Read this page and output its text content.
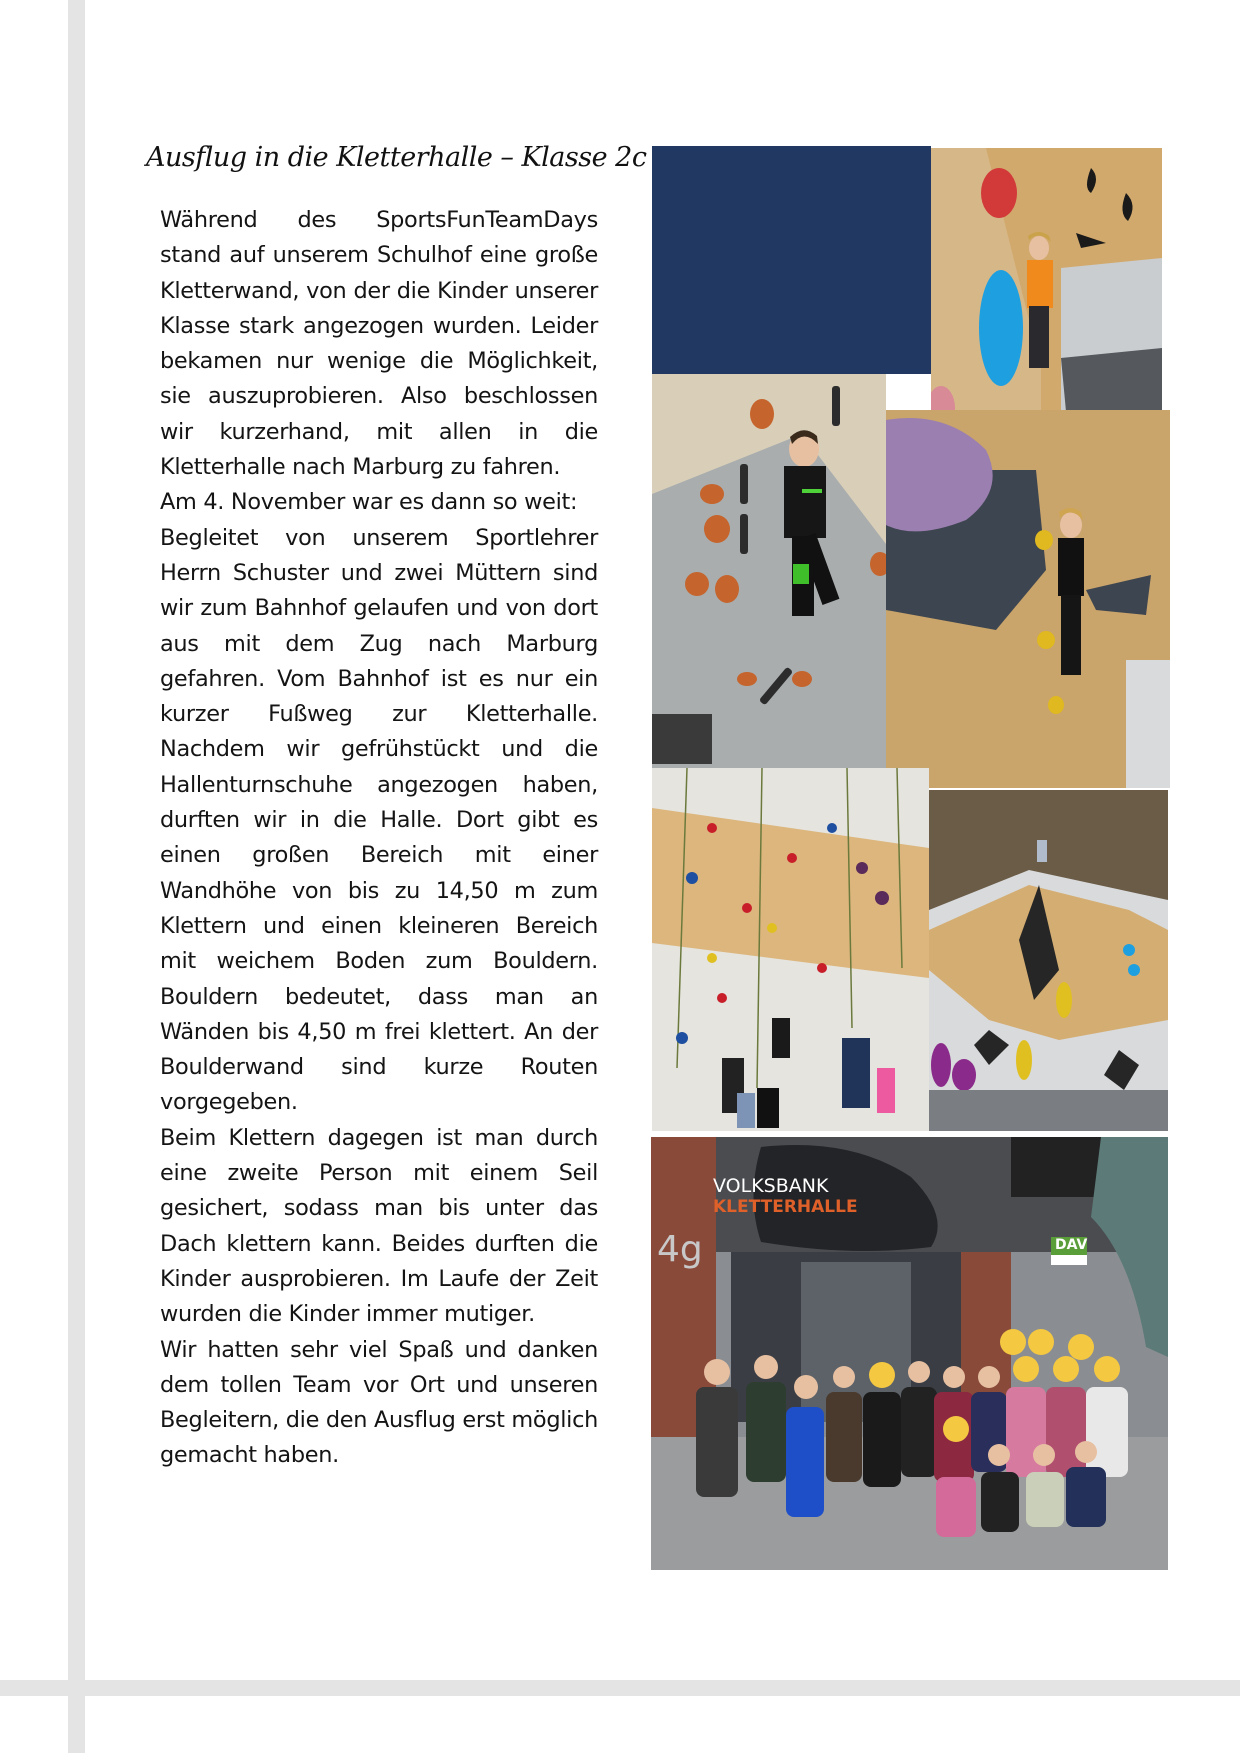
Ausflug in die Kletterhalle – Klasse 2c

Während des SportsFunTeamDays stand auf unserem Schulhof eine große Kletterwand, von der die Kinder unserer Klasse stark angezogen wurden. Leider bekamen nur wenige die Möglichkeit, sie auszuprobieren. Also beschlossen wir kurzerhand, mit allen in die Kletterhalle nach Marburg zu fahren.

Am 4. November war es dann so weit:

Begleitet von unserem Sportlehrer Herrn Schuster und zwei Müttern sind wir zum Bahnhof gelaufen und von dort aus mit dem Zug nach Marburg gefahren. Vom Bahnhof ist es nur ein kurzer Fußweg zur Kletterhalle. Nachdem wir gefrühstückt und die Hallenturnschuhe angezogen haben, durften wir in die Halle. Dort gibt es einen großen Bereich mit einer Wandhöhe von bis zu 14,50 m zum Klettern und einen kleineren Bereich mit weichem Boden zum Bouldern. Bouldern bedeutet, dass man an Wänden bis 4,50 m frei klettert. An der Boulderwand sind kurze Routen vorgegeben.

Beim Klettern dagegen ist man durch eine zweite Person mit einem Seil gesichert, sodass man bis unter das Dach klettern kann. Beides durften die Kinder ausprobieren. Im Laufe der Zeit wurden die Kinder immer mutiger.

Wir hatten sehr viel Spaß und danken dem tollen Team vor Ort und unseren Begleitern, die den Ausflug erst möglich gemacht haben.

VOLKSBANK
KLETTERHALLE
4g	DAV
